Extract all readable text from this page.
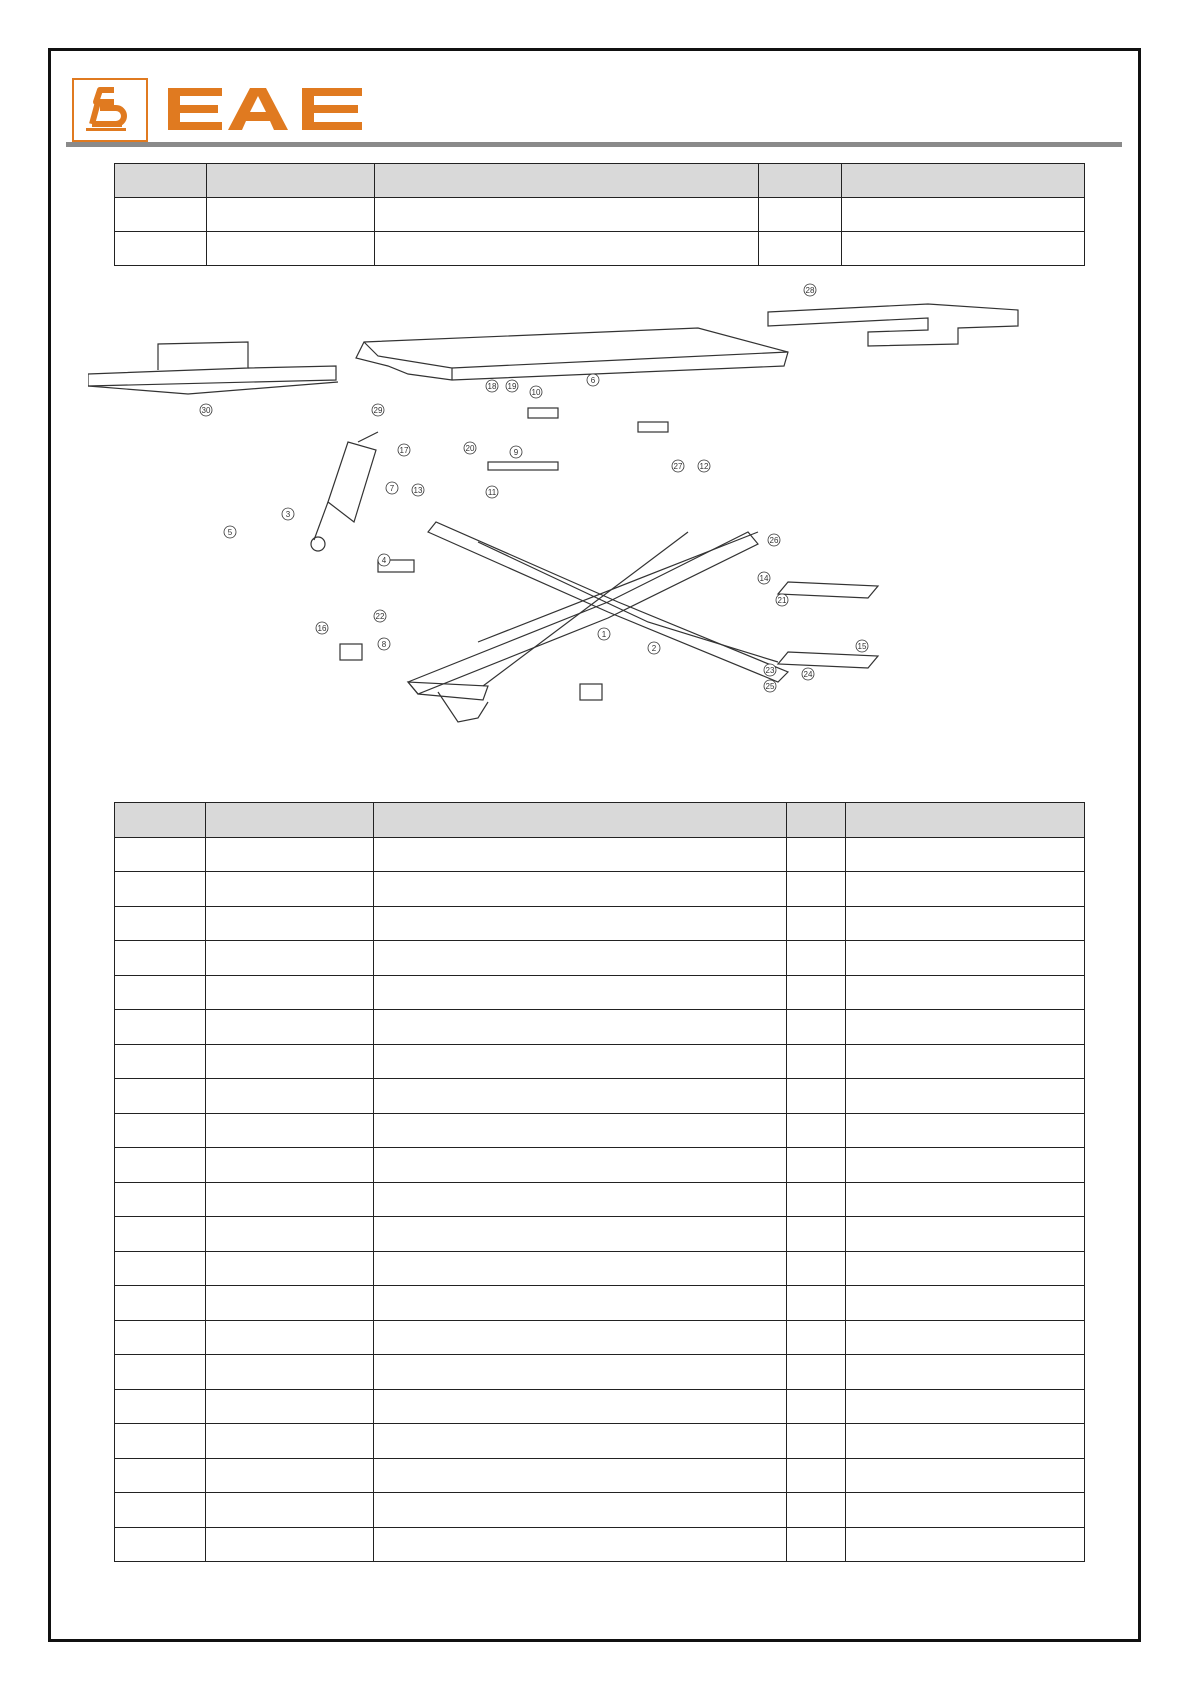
1
2
3
4
5
6
7
8
9
10
11
12
13
14
15
16
17
18 19
20
21
22
23	24
25
26
27
28
29
30
